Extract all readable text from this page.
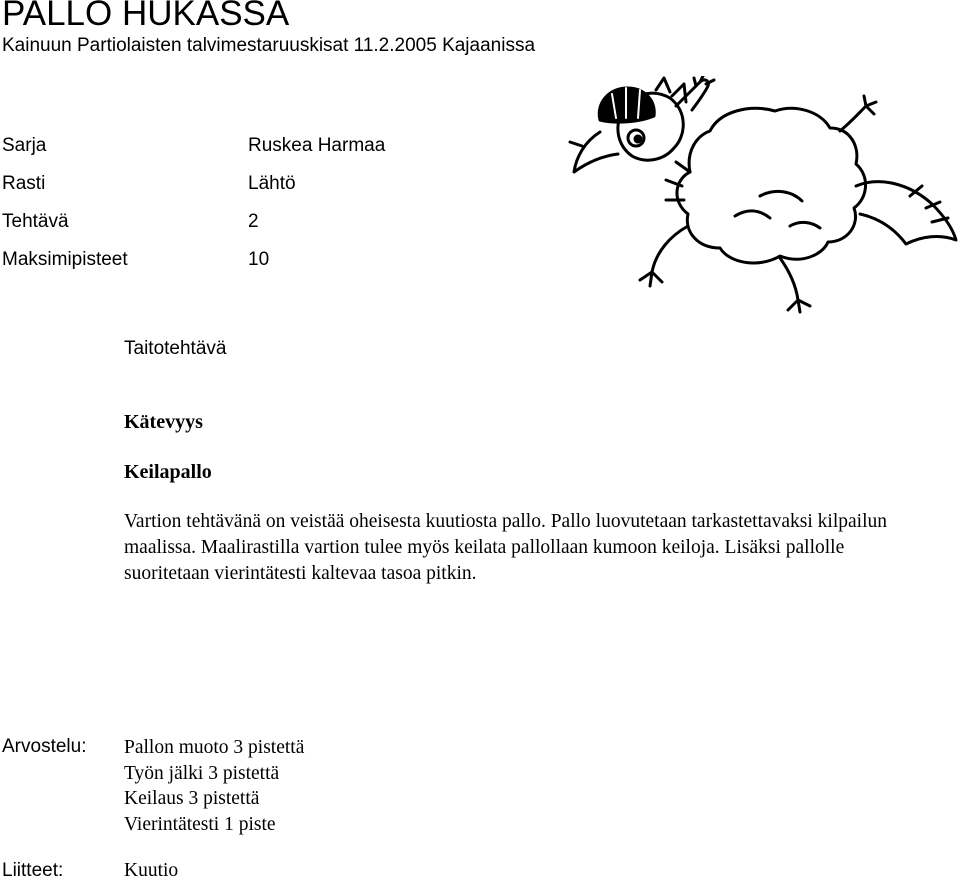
PALLO HUKASSA
Kainuun Partiolaisten talvimestaruuskisat 11.2.2005 Kajaanissa
Sarja	Ruskea Harmaa
Rasti	Lähtö
Tehtävä	2
Maksimipisteet	10
Taitotehtävä
Kätevyys
Keilapallo
Vartion tehtävänä on veistää oheisesta kuutiosta pallo. Pallo luovutetaan tarkastettavaksi kilpailun maalissa. Maalirastilla vartion tulee myös keilata pallollaan kumoon keiloja. Lisäksi pallolle suoritetaan vierintätesti kaltevaa tasoa pitkin.
Arvostelu: Pallon muoto 3 pistettä
Työn jälki 3 pistettä
Keilaus 3 pistettä
Vierintätesti 1 piste
Liitteet:	Kuutio
